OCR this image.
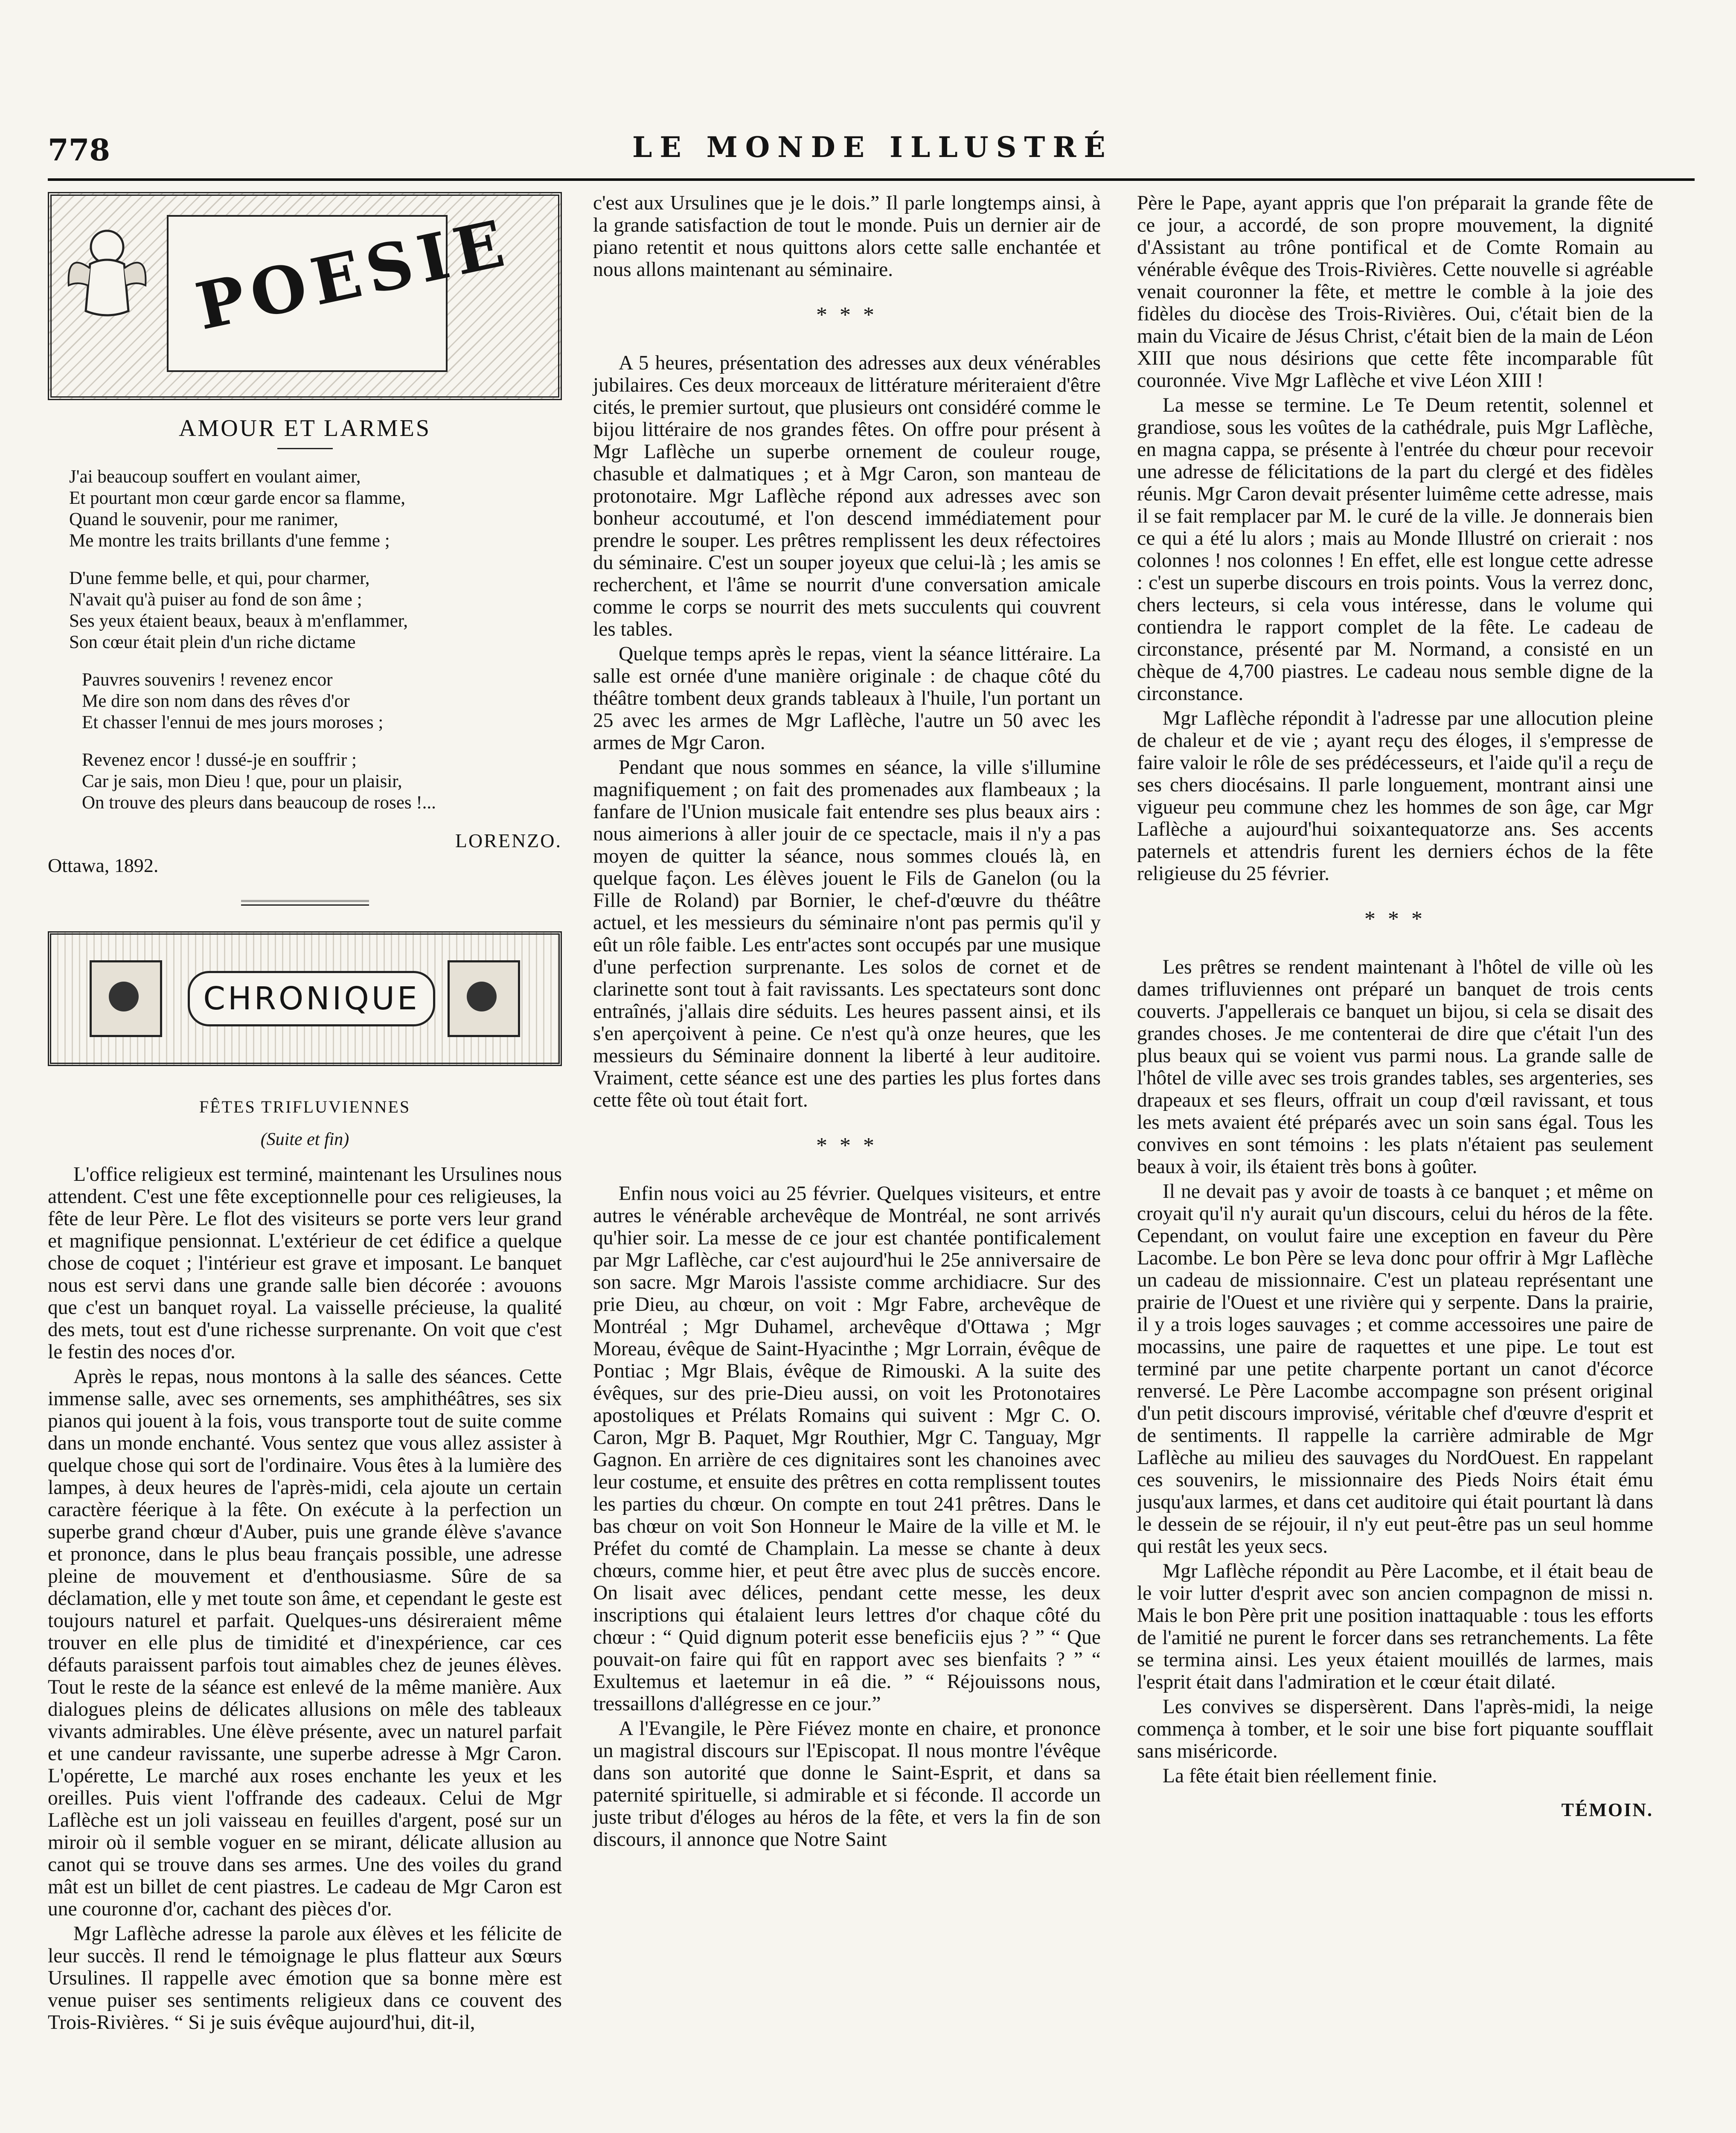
778	LE MONDE ILLUSTRÉ
POESIE
AMOUR ET LARMES
J'ai beaucoup souffert en voulant aimer,
Et pourtant mon cœur garde encor sa flamme,
Quand le souvenir, pour me ranimer,
Me montre les traits brillants d'une femme ;
D'une femme belle, et qui, pour charmer,
N'avait qu'à puiser au fond de son âme ;
Ses yeux étaient beaux, beaux à m'enflammer,
Son cœur était plein d'un riche dictame
Pauvres souvenirs ! revenez encor
Me dire son nom dans des rêves d'or
Et chasser l'ennui de mes jours moroses ;
Revenez encor ! dussé-je en souffrir ;
Car je sais, mon Dieu ! que, pour un plaisir,
On trouve des pleurs dans beaucoup de roses !...
LORENZO.
Ottawa, 1892.
CHRONIQUE
FÊTES TRIFLUVIENNES
(Suite et fin)

L'office religieux est terminé, maintenant les Ursulines nous attendent. C'est une fête exceptionnelle pour ces religieuses, la fête de leur Père. Le flot des visiteurs se porte vers leur grand et magnifique pensionnat. L'extérieur de cet édifice a quelque chose de coquet ; l'intérieur est grave et imposant. Le banquet nous est servi dans une grande salle bien décorée : avouons que c'est un banquet royal. La vaisselle précieuse, la qualité des mets, tout est d'une richesse surprenante. On voit que c'est le festin des noces d'or.

Après le repas, nous montons à la salle des séances. Cette immense salle, avec ses ornements, ses amphithéâtres, ses six pianos qui jouent à la fois, vous transporte tout de suite comme dans un monde enchanté. Vous sentez que vous allez assister à quelque chose qui sort de l'ordinaire. Vous êtes à la lumière des lampes, à deux heures de l'après-midi, cela ajoute un certain caractère féerique à la fête. On exécute à la perfection un superbe grand chœur d'Auber, puis une grande élève s'avance et prononce, dans le plus beau français possible, une adresse pleine de mouvement et d'enthousiasme. Sûre de sa déclamation, elle y met toute son âme, et cependant le geste est toujours naturel et parfait. Quelques-uns désireraient même trouver en elle plus de timidité et d'inexpérience, car ces défauts paraissent parfois tout aimables chez de jeunes élèves. Tout le reste de la séance est enlevé de la même manière. Aux dialogues pleins de délicates allusions on mêle des tableaux vivants admirables. Une élève présente, avec un naturel parfait et une candeur ravissante, une superbe adresse à Mgr Caron. L'opérette, Le marché aux roses enchante les yeux et les oreilles. Puis vient l'offrande des cadeaux. Celui de Mgr Laflèche est un joli vaisseau en feuilles d'argent, posé sur un miroir où il semble voguer en se mirant, délicate allusion au canot qui se trouve dans ses armes. Une des voiles du grand mât est un billet de cent piastres. Le cadeau de Mgr Caron est une couronne d'or, cachant des pièces d'or.

Mgr Laflèche adresse la parole aux élèves et les félicite de leur succès. Il rend le témoignage le plus flatteur aux Sœurs Ursulines. Il rappelle avec émotion que sa bonne mère est venue puiser ses sentiments religieux dans ce couvent des Trois-Rivières. “ Si je suis évêque aujourd'hui, dit-il,

c'est aux Ursulines que je le dois.” Il parle longtemps ainsi, à la grande satisfaction de tout le monde. Puis un dernier air de piano retentit et nous quittons alors cette salle enchantée et nous allons maintenant au séminaire.

* * *

A 5 heures, présentation des adresses aux deux vénérables jubilaires. Ces deux morceaux de littérature mériteraient d'être cités, le premier surtout, que plusieurs ont considéré comme le bijou littéraire de nos grandes fêtes. On offre pour présent à Mgr Laflèche un superbe ornement de couleur rouge, chasuble et dalmatiques ; et à Mgr Caron, son manteau de protonotaire. Mgr Laflèche répond aux adresses avec son bonheur accoutumé, et l'on descend immédiatement pour prendre le souper. Les prêtres remplissent les deux réfectoires du séminaire. C'est un souper joyeux que celui-là ; les amis se recherchent, et l'âme se nourrit d'une conversation amicale comme le corps se nourrit des mets succulents qui couvrent les tables.

Quelque temps après le repas, vient la séance littéraire. La salle est ornée d'une manière originale : de chaque côté du théâtre tombent deux grands tableaux à l'huile, l'un portant un 25 avec les armes de Mgr Laflèche, l'autre un 50 avec les armes de Mgr Caron.

Pendant que nous sommes en séance, la ville s'illumine magnifiquement ; on fait des promenades aux flambeaux ; la fanfare de l'Union musicale fait entendre ses plus beaux airs : nous aimerions à aller jouir de ce spectacle, mais il n'y a pas moyen de quitter la séance, nous sommes cloués là, en quelque façon. Les élèves jouent le Fils de Ganelon (ou la Fille de Roland) par Bornier, le chef-d'œuvre du théâtre actuel, et les messieurs du séminaire n'ont pas permis qu'il y eût un rôle faible. Les entr'actes sont occupés par une musique d'une perfection surprenante. Les solos de cornet et de clarinette sont tout à fait ravissants. Les spectateurs sont donc entraînés, j'allais dire séduits. Les heures passent ainsi, et ils s'en aperçoivent à peine. Ce n'est qu'à onze heures, que les messieurs du Séminaire donnent la liberté à leur auditoire. Vraiment, cette séance est une des parties les plus fortes dans cette fête où tout était fort.

* * *

Enfin nous voici au 25 février. Quelques visiteurs, et entre autres le vénérable archevêque de Montréal, ne sont arrivés qu'hier soir. La messe de ce jour est chantée pontificalement par Mgr Laflèche, car c'est aujourd'hui le 25e anniversaire de son sacre. Mgr Marois l'assiste comme archidiacre. Sur des prie Dieu, au chœur, on voit : Mgr Fabre, archevêque de Montréal ; Mgr Duhamel, archevêque d'Ottawa ; Mgr Moreau, évêque de Saint-Hyacinthe ; Mgr Lorrain, évêque de Pontiac ; Mgr Blais, évêque de Rimouski. A la suite des évêques, sur des prie-Dieu aussi, on voit les Protonotaires apostoliques et Prélats Romains qui suivent : Mgr C. O. Caron, Mgr B. Paquet, Mgr Routhier, Mgr C. Tanguay, Mgr Gagnon. En arrière de ces dignitaires sont les chanoines avec leur costume, et ensuite des prêtres en cotta remplissent toutes les parties du chœur. On compte en tout 241 prêtres. Dans le bas chœur on voit Son Honneur le Maire de la ville et M. le Préfet du comté de Champlain. La messe se chante à deux chœurs, comme hier, et peut être avec plus de succès encore. On lisait avec délices, pendant cette messe, les deux inscriptions qui étalaient leurs lettres d'or chaque côté du chœur : “ Quid dignum poterit esse beneficiis ejus ? ” “ Que pouvait-on faire qui fût en rapport avec ses bienfaits ? ” “ Exultemus et laetemur in eâ die. ” “ Réjouissons nous, tressaillons d'allégresse en ce jour.”

A l'Evangile, le Père Fiévez monte en chaire, et prononce un magistral discours sur l'Episcopat. Il nous montre l'évêque dans son autorité que donne le Saint-Esprit, et dans sa paternité spirituelle, si admirable et si féconde. Il accorde un juste tribut d'éloges au héros de la fête, et vers la fin de son discours, il annonce que Notre Saint

Père le Pape, ayant appris que l'on préparait la grande fête de ce jour, a accordé, de son propre mouvement, la dignité d'Assistant au trône pontifical et de Comte Romain au vénérable évêque des Trois-Rivières. Cette nouvelle si agréable venait couronner la fête, et mettre le comble à la joie des fidèles du diocèse des Trois-Rivières. Oui, c'était bien de la main du Vicaire de Jésus Christ, c'était bien de la main de Léon XIII que nous désirions que cette fête incomparable fût couronnée. Vive Mgr Laflèche et vive Léon XIII !

La messe se termine. Le Te Deum retentit, solennel et grandiose, sous les voûtes de la cathédrale, puis Mgr Laflèche, en magna cappa, se présente à l'entrée du chœur pour recevoir une adresse de félicitations de la part du clergé et des fidèles réunis. Mgr Caron devait présenter luimême cette adresse, mais il se fait remplacer par M. le curé de la ville. Je donnerais bien ce qui a été lu alors ; mais au Monde Illustré on crierait : nos colonnes ! nos colonnes ! En effet, elle est longue cette adresse : c'est un superbe discours en trois points. Vous la verrez donc, chers lecteurs, si cela vous intéresse, dans le volume qui contiendra le rapport complet de la fête. Le cadeau de circonstance, présenté par M. Normand, a consisté en un chèque de 4,700 piastres. Le cadeau nous semble digne de la circonstance.

Mgr Laflèche répondit à l'adresse par une allocution pleine de chaleur et de vie ; ayant reçu des éloges, il s'empresse de faire valoir le rôle de ses prédécesseurs, et l'aide qu'il a reçu de ses chers diocésains. Il parle longuement, montrant ainsi une vigueur peu commune chez les hommes de son âge, car Mgr Laflèche a aujourd'hui soixantequatorze ans. Ses accents paternels et attendris furent les derniers échos de la fête religieuse du 25 février.

* * *

Les prêtres se rendent maintenant à l'hôtel de ville où les dames trifluviennes ont préparé un banquet de trois cents couverts. J'appellerais ce banquet un bijou, si cela se disait des grandes choses. Je me contenterai de dire que c'était l'un des plus beaux qui se voient vus parmi nous. La grande salle de l'hôtel de ville avec ses trois grandes tables, ses argenteries, ses drapeaux et ses fleurs, offrait un coup d'œil ravissant, et tous les mets avaient été préparés avec un soin sans égal. Tous les convives en sont témoins : les plats n'étaient pas seulement beaux à voir, ils étaient très bons à goûter.

Il ne devait pas y avoir de toasts à ce banquet ; et même on croyait qu'il n'y aurait qu'un discours, celui du héros de la fête. Cependant, on voulut faire une exception en faveur du Père Lacombe. Le bon Père se leva donc pour offrir à Mgr Laflèche un cadeau de missionnaire. C'est un plateau représentant une prairie de l'Ouest et une rivière qui y serpente. Dans la prairie, il y a trois loges sauvages ; et comme accessoires une paire de mocassins, une paire de raquettes et une pipe. Le tout est terminé par une petite charpente portant un canot d'écorce renversé. Le Père Lacombe accompagne son présent original d'un petit discours improvisé, véritable chef d'œuvre d'esprit et de sentiments. Il rappelle la carrière admirable de Mgr Laflèche au milieu des sauvages du NordOuest. En rappelant ces souvenirs, le missionnaire des Pieds Noirs était ému jusqu'aux larmes, et dans cet auditoire qui était pourtant là dans le dessein de se réjouir, il n'y eut peut-être pas un seul homme qui restât les yeux secs.

Mgr Laflèche répondit au Père Lacombe, et il était beau de le voir lutter d'esprit avec son ancien compagnon de missi n. Mais le bon Père prit une position inattaquable : tous les efforts de l'amitié ne purent le forcer dans ses retranchements. La fête se termina ainsi. Les yeux étaient mouillés de larmes, mais l'esprit était dans l'admiration et le cœur était dilaté.

Les convives se dispersèrent. Dans l'après-midi, la neige commença à tomber, et le soir une bise fort piquante soufflait sans miséricorde.

La fête était bien réellement finie.

TÉMOIN.
